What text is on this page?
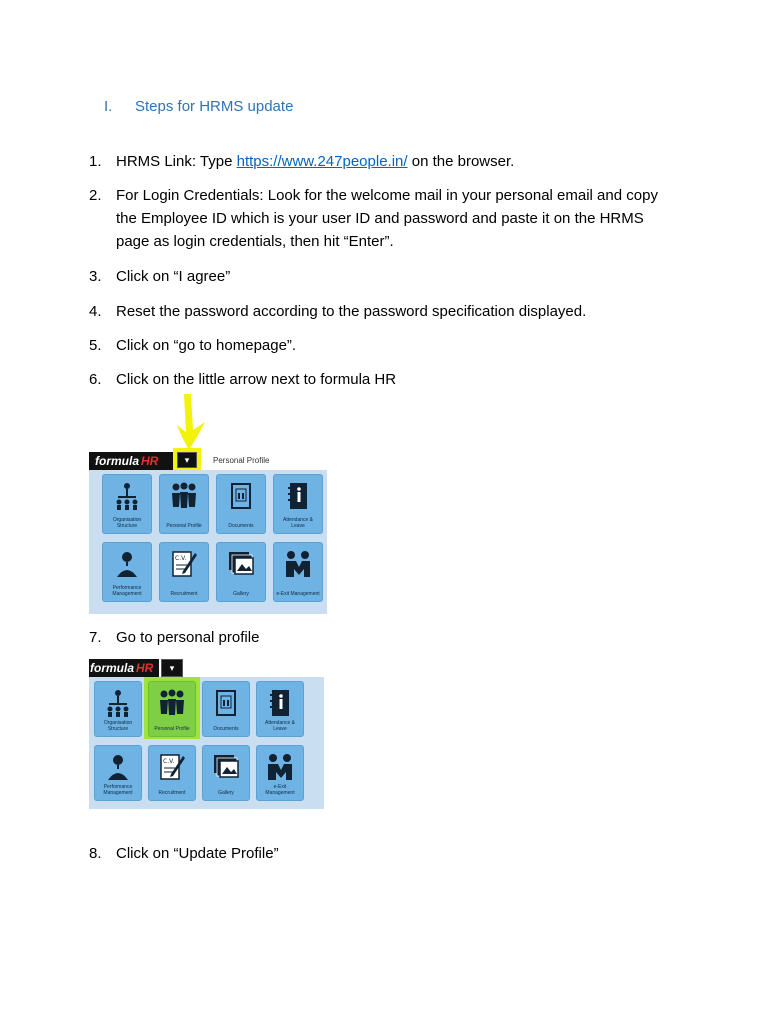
I.	Steps for HRMS update
1. HRMS Link: Type https://www.247people.in/ on the browser.
2. For Login Credentials: Look for the welcome mail in your personal email and copy the Employee ID which is your user ID and password and paste it on the HRMS page as login credentials, then hit “Enter”.
3. Click on “I agree”
4. Reset the password according to the password specification displayed.
5. Click on “go to homepage”.
6. Click on the little arrow next to formula HR
formula HR	▾	Personal Profile
Organisation Structure	Personal Profile	Documents
Attendance & Leave
Performance Management
C.V.
Recruitment	Gallery	e-Exit Management
7. Go to personal profile
formula HR	▾
Organisation Structure	Personal Profile	Documents
Attendance & Leave
Performance Management
C.V.
Recruitment	Gallery
e-Exit Management
8. Click on “Update Profile”
